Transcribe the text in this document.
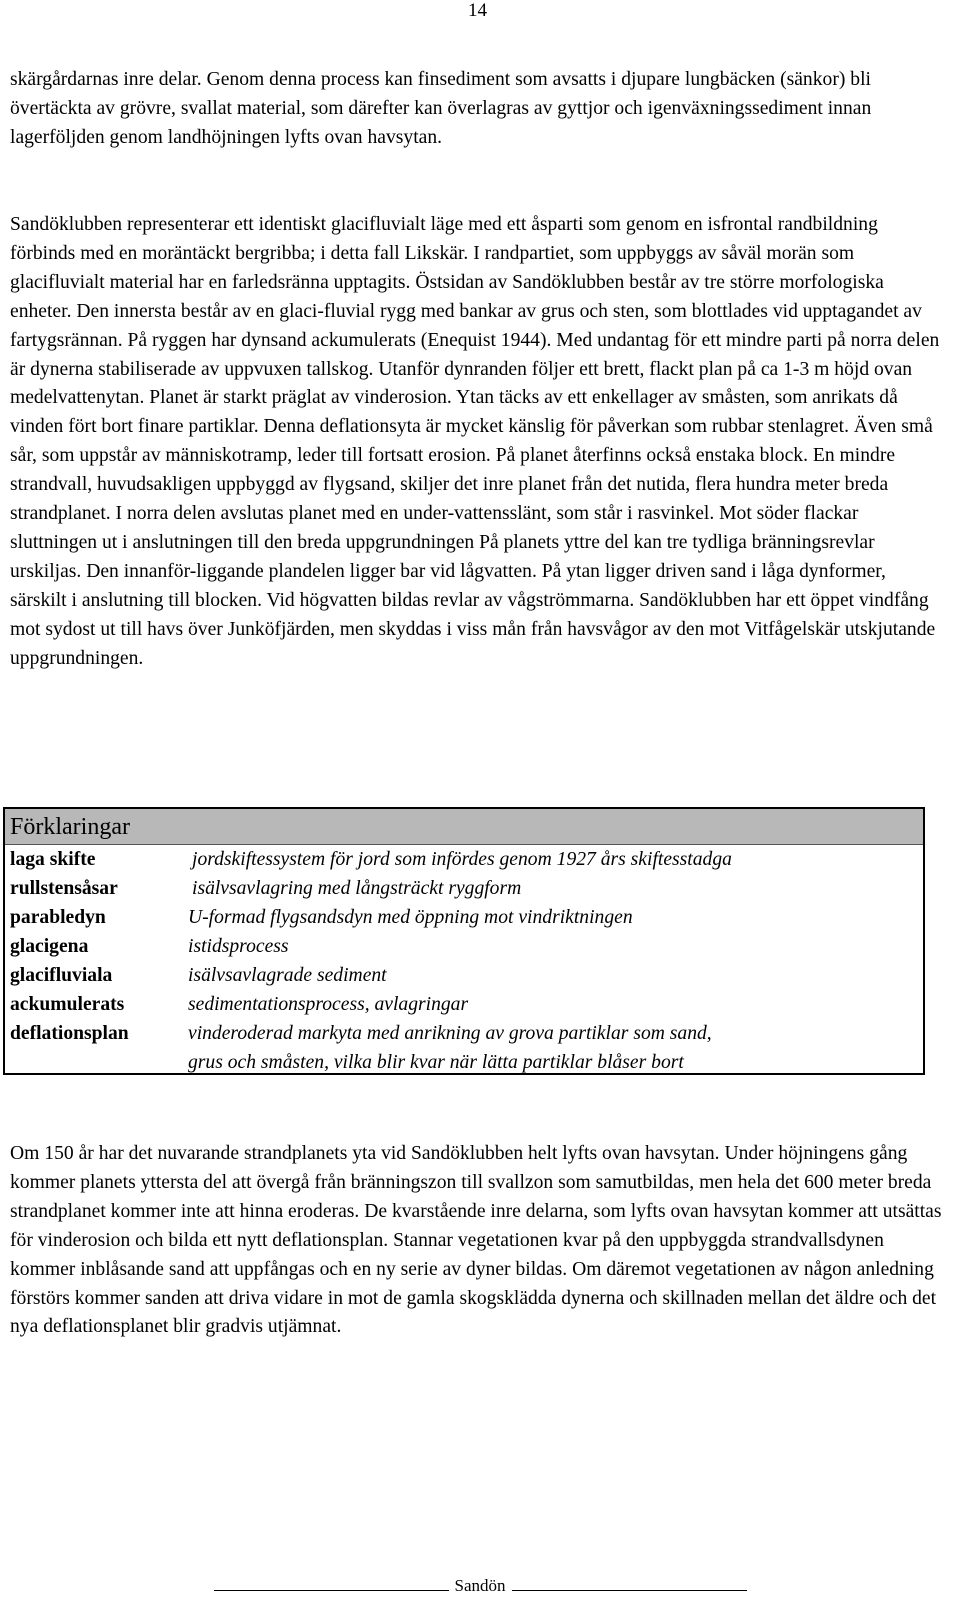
14

skärgårdarnas inre delar. Genom denna process kan finsediment som avsatts i djupare lungbäcken (sänkor) bli övertäckta av grövre, svallat material, som därefter kan överlagras av gyttjor och igenväxningssediment innan lagerföljden genom landhöjningen lyfts ovan havsytan.

Sandöklubben representerar ett identiskt glacifluvialt läge med ett åsparti som genom en isfrontal randbildning förbinds med en moräntäckt bergribba; i detta fall Likskär. I randpartiet, som uppbyggs av såväl morän som glacifluvialt material har en farledsränna upptagits. Östsidan av Sandöklubben består av tre större morfologiska enheter. Den innersta består av en glaci-fluvial rygg med bankar av grus och sten, som blottlades vid upptagandet av fartygsrännan. På ryggen har dynsand ackumulerats (Enequist 1944). Med undantag för ett mindre parti på norra delen är dynerna stabiliserade av uppvuxen tallskog. Utanför dynranden följer ett brett, flackt plan på ca 1-3 m höjd ovan medelvattenytan. Planet är starkt präglat av vinderosion. Ytan täcks av ett enkellager av småsten, som anrikats då vinden fört bort finare partiklar. Denna deflationsyta är mycket känslig för påverkan som rubbar stenlagret. Även små sår, som uppstår av människotramp, leder till fortsatt erosion. På planet återfinns också enstaka block. En mindre strandvall, huvudsakligen uppbyggd av flygsand, skiljer det inre planet från det nutida, flera hundra meter breda strandplanet. I norra delen avslutas planet med en under-vattensslänt, som står i rasvinkel. Mot söder flackar sluttningen ut i anslutningen till den breda uppgrundningen På planets yttre del kan tre tydliga bränningsrevlar urskiljas. Den innanför-liggande plandelen ligger bar vid lågvatten. På ytan ligger driven sand i låga dynformer, särskilt i anslutning till blocken. Vid högvatten bildas revlar av vågströmmarna. Sandöklubben har ett öppet vindfång mot sydost ut till havs över Junköfjärden, men skyddas i viss mån från havsvågor av den mot Vitfågelskär utskjutande uppgrundningen.

Förklaringar
laga skifte	jordskiftessystem för jord som infördes genom 1927 års skiftesstadga
rullstensåsar	isälvsavlagring med långsträckt ryggform
parabledyn	U-formad flygsandsdyn med öppning mot vindriktningen
glacigena	istidsprocess
glacifluviala	isälvsavlagrade sediment
ackumulerats	sedimentationsprocess, avlagringar
deflationsplan	vinderoderad markyta med anrikning av grova partiklar som sand,
grus och småsten, vilka blir kvar när lätta partiklar blåser bort

Om 150 år har det nuvarande strandplanets yta vid Sandöklubben helt lyfts ovan havsytan. Under höjningens gång kommer planets yttersta del att övergå från bränningszon till svallzon som samutbildas, men hela det 600 meter breda strandplanet kommer inte att hinna eroderas. De kvarstående inre delarna, som lyfts ovan havsytan kommer att utsättas för vinderosion och bilda ett nytt deflationsplan. Stannar vegetationen kvar på den uppbyggda strandvallsdynen kommer inblåsande sand att uppfångas och en ny serie av dyner bildas. Om däremot vegetationen av någon anledning förstörs kommer sanden att driva vidare in mot de gamla skogsklädda dynerna och skillnaden mellan det äldre och det nya deflationsplanet blir gradvis utjämnat.

Sandön
